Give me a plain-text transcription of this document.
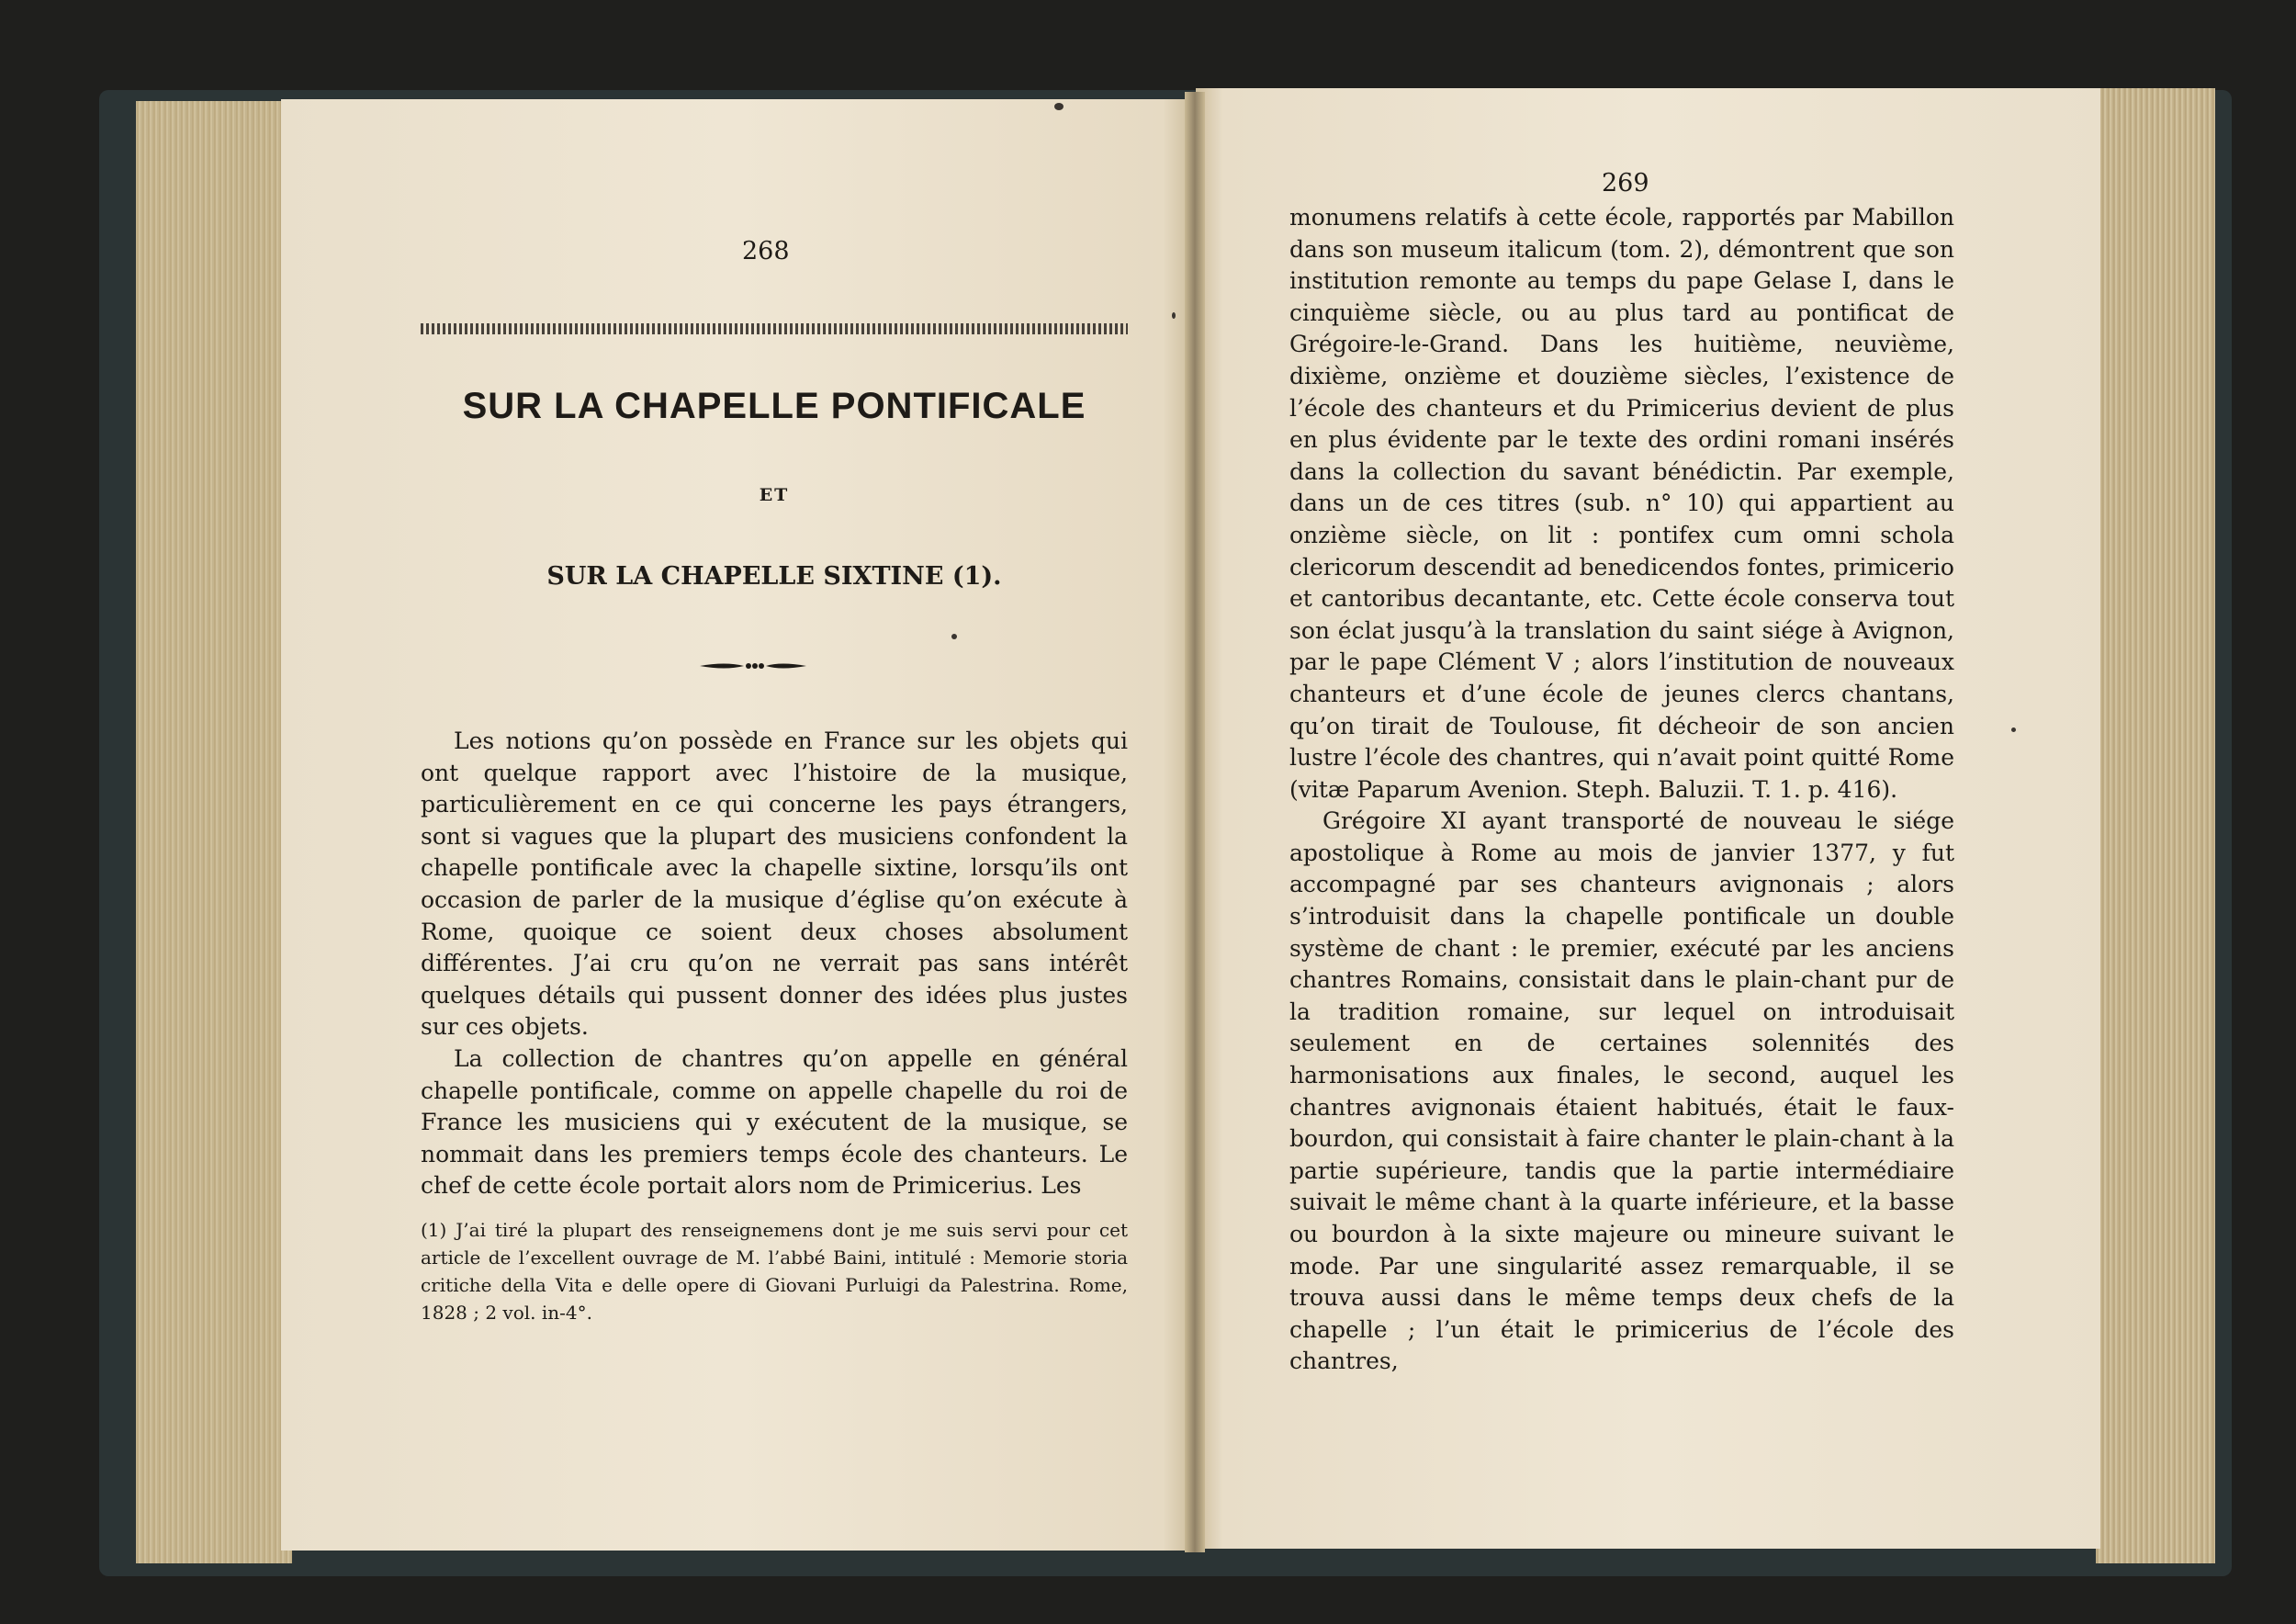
268
SUR LA CHAPELLE PONTIFICALE
ET
SUR LA CHAPELLE SIXTINE (1).

Les notions qu’on possède en France sur les objets qui ont quelque rapport avec l’histoire de la musique, particulièrement en ce qui concerne les pays étrangers, sont si vagues que la plupart des musiciens confondent la chapelle pontificale avec la chapelle sixtine, lorsqu’ils ont occasion de parler de la musique d’église qu’on exécute à Rome, quoique ce soient deux choses absolument différentes. J’ai cru qu’on ne verrait pas sans intérêt quelques détails qui pussent donner des idées plus justes sur ces objets.

La collection de chantres qu’on appelle en général chapelle pontificale, comme on appelle chapelle du roi de France les musiciens qui y exécutent de la musique, se nommait dans les premiers temps école des chanteurs. Le chef de cette école portait alors nom de Primicerius. Les

(1) J’ai tiré la plupart des renseignemens dont je me suis servi pour cet article de l’excellent ouvrage de M. l’abbé Baini, intitulé : Memorie storia critiche della Vita e delle opere di Giovani Purluigi da Palestrina. Rome, 1828 ; 2 vol. in-4°.

269

monumens relatifs à cette école, rapportés par Mabillon dans son museum italicum (tom. 2), démontrent que son institution remonte au temps du pape Gelase I, dans le cinquième siècle, ou au plus tard au pontificat de Grégoire-le-Grand. Dans les huitième, neuvième, dixième, onzième et douzième siècles, l’existence de l’école des chanteurs et du Primicerius devient de plus en plus évidente par le texte des ordini romani insérés dans la collection du savant bénédictin. Par exemple, dans un de ces titres (sub. n° 10) qui appartient au onzième siècle, on lit : pontifex cum omni schola clericorum descendit ad benedicendos fontes, primicerio et cantoribus decantante, etc. Cette école conserva tout son éclat jusqu’à la translation du saint siége à Avignon, par le pape Clément V ; alors l’institution de nouveaux chanteurs et d’une école de jeunes clercs chantans, qu’on tirait de Toulouse, fit décheoir de son ancien lustre l’école des chantres, qui n’avait point quitté Rome (vitæ Paparum Avenion. Steph. Baluzii. T. 1. p. 416).

Grégoire XI ayant transporté de nouveau le siége apostolique à Rome au mois de janvier 1377, y fut accompagné par ses chanteurs avignonais ; alors s’introduisit dans la chapelle pontificale un double système de chant : le premier, exécuté par les anciens chantres Romains, consistait dans le plain-chant pur de la tradition romaine, sur lequel on introduisait seulement en de certaines solennités des harmonisations aux finales, le second, auquel les chantres avignonais étaient habitués, était le faux-bourdon, qui consistait à faire chanter le plain-chant à la partie supérieure, tandis que la partie intermédiaire suivait le même chant à la quarte inférieure, et la basse ou bourdon à la sixte majeure ou mineure suivant le mode. Par une singularité assez remarquable, il se trouva aussi dans le même temps deux chefs de la chapelle ; l’un était le primicerius de l’école des chantres,
